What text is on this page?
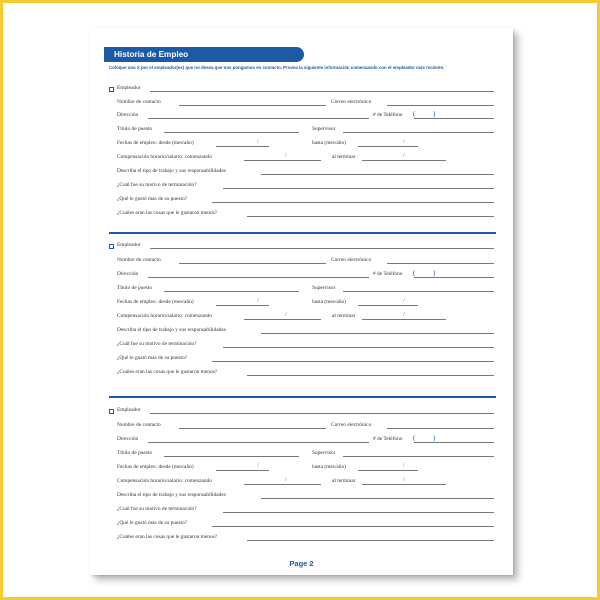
Historia de Empleo
Coloque una X por el empleador(es) que no desea que nos pongamos en contacto. Provea la siguiente información comenzando con el empleador más reciente.
Empleador
Nombre de contacto	Correo electrónico
Dirección	# de Teléfono (	)
Título de puesto	Supervisor
Fechas de empleo: desde (mes/año)	/	hasta (mes/año)	/
Compensación horario/salario: comenzando	/	al terminar	/
Describa el tipo de trabajo y sus responsabilidades
¿Cuál fue su motivo de terminación?
¿Qué le gustó más de su puesto?
¿Cuáles eran las cosas que le gustaron menos?
Empleador
Nombre de contacto	Correo electrónico
Dirección	# de Teléfono (	)
Título de puesto	Supervisor
Fechas de empleo: desde (mes/año)	/	hasta (mes/año)	/
Compensación horario/salario: comenzando	/	al terminar	/
Describa el tipo de trabajo y sus responsabilidades
¿Cuál fue su motivo de terminación?
¿Qué le gustó más de su puesto?
¿Cuáles eran las cosas que le gustaron menos?
Empleador
Nombre de contacto	Correo electrónico
Dirección	# de Teléfono (	)
Título de puesto	Supervisor
Fechas de empleo: desde (mes/año)	/	hasta (mes/año)	/
Compensación horario/salario: comenzando	/	al terminar	/
Describa el tipo de trabajo y sus responsabilidades
¿Cuál fue su motivo de terminación?
¿Qué le gustó más de su puesto?
¿Cuáles eran las cosas que le gustaron menos?
Page 2
